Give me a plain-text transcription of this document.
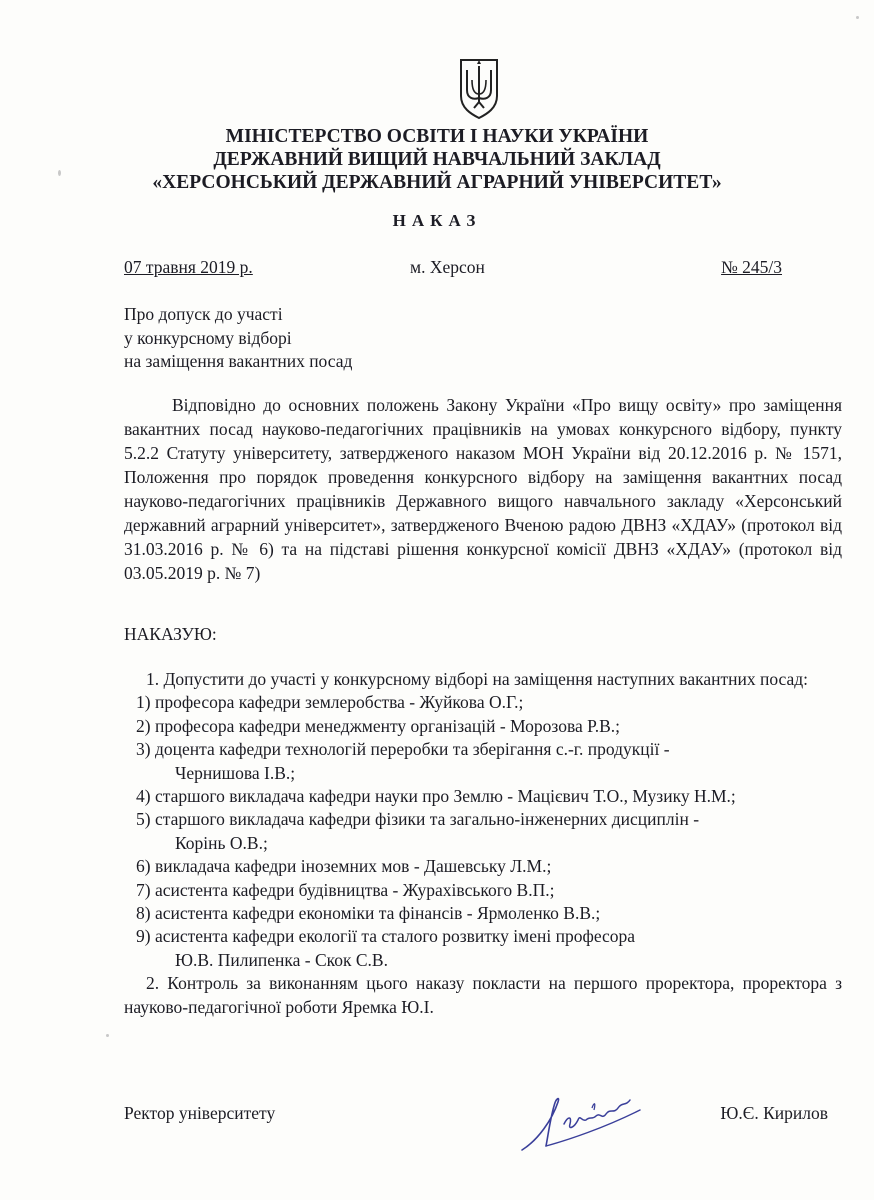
МІНІСТЕРСТВО ОСВІТИ І НАУКИ УКРАЇНИ

ДЕРЖАВНИЙ ВИЩИЙ НАВЧАЛЬНИЙ ЗАКЛАД

«ХЕРСОНСЬКИЙ ДЕРЖАВНИЙ АГРАРНИЙ УНІВЕРСИТЕТ»

НАКАЗ

07 травня 2019 р.	м. Херсон	№ 245/3
Про допуск до участі
у конкурсному відборі
на заміщення вакантних посад

Відповідно до основних положень Закону України «Про вищу освіту» про заміщення вакантних посад науково-педагогічних працівників на умовах конкурсного відбору, пункту 5.2.2 Статуту університету, затвердженого наказом МОН України від 20.12.2016 р. № 1571, Положення про порядок проведення конкурсного відбору на заміщення вакантних посад науково-педагогічних працівників Державного вищого навчального закладу «Херсонський державний аграрний університет», затвердженого Вченою радою ДВНЗ «ХДАУ» (протокол від 31.03.2016 р. № 6) та на підставі рішення конкурсної комісії ДВНЗ «ХДАУ» (протокол від 03.05.2019 р. № 7)

НАКАЗУЮ:

1. Допустити до участі у конкурсному відборі на заміщення наступних вакантних посад:

1) професора кафедри землеробства - Жуйкова О.Г.;
2) професора кафедри менеджменту організацій - Морозова Р.В.;
3) доцента кафедри технологій переробки та зберігання с.-г. продукції -
Чернишова І.В.;
4) старшого викладача кафедри науки про Землю - Мацієвич Т.О., Музику Н.М.;
5) старшого викладача кафедри фізики та загально-інженерних дисциплін -
Корінь О.В.;
6) викладача кафедри іноземних мов - Дашевську Л.М.;
7) асистента кафедри будівництва - Журахівського В.П.;
8) асистента кафедри економіки та фінансів - Ярмоленко В.В.;
9) асистента кафедри екології та сталого розвитку імені професора
Ю.В. Пилипенка - Скок С.В.

2. Контроль за виконанням цього наказу покласти на першого проректора, проректора з науково-педагогічної роботи Яремка Ю.І.

Ректор університету	Ю.Є. Кирилов
